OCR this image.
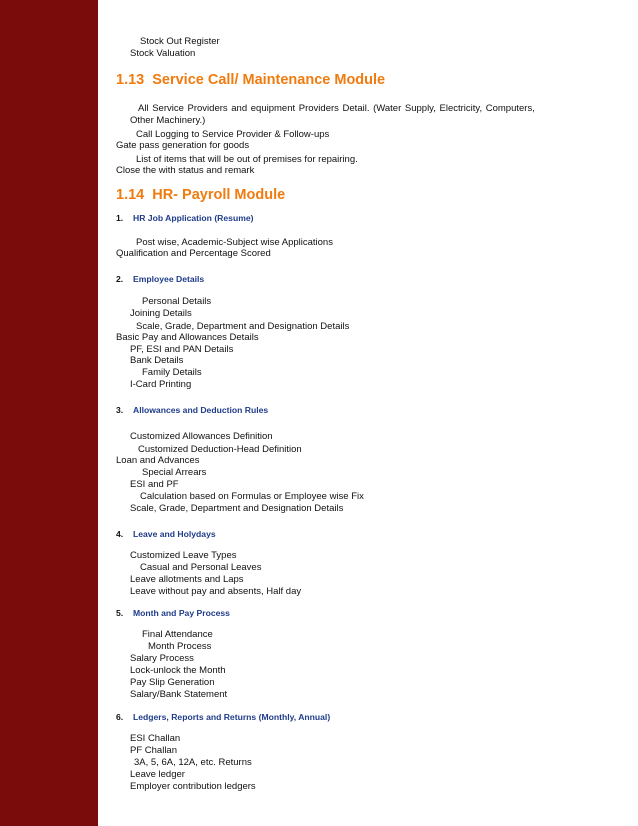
Stock Out Register
Stock Valuation
1.13 Service Call/ Maintenance Module
All Service Providers and equipment Providers Detail. (Water Supply, Electricity, Computers,
Other Machinery.)
Call Logging to Service Provider & Follow-ups
Gate pass generation for goods
List of items that will be out of premises for repairing.
Close the with status and remark
1.14 HR- Payroll Module
1. HR Job Application (Resume)
Post wise, Academic-Subject wise Applications
Qualification and Percentage Scored
2. Employee Details
Personal Details
Joining Details
Scale, Grade, Department and Designation Details
Basic Pay and Allowances Details
PF, ESI and PAN Details
Bank Details
Family Details
I-Card Printing
3. Allowances and Deduction Rules
Customized Allowances Definition
Customized Deduction-Head Definition
Loan and Advances
Special Arrears
ESI and PF
Calculation based on Formulas or Employee wise Fix
Scale, Grade, Department and Designation Details
4. Leave and Holydays
Customized Leave Types
Casual and Personal Leaves
Leave allotments and Laps
Leave without pay and absents, Half day
5. Month and Pay Process
Final Attendance
Month Process
Salary Process
Lock-unlock the Month
Pay Slip Generation
Salary/Bank Statement
6. Ledgers, Reports and Returns (Monthly, Annual)
ESI Challan
PF Challan
3A, 5, 6A, 12A, etc. Returns
Leave ledger
Employer contribution ledgers
